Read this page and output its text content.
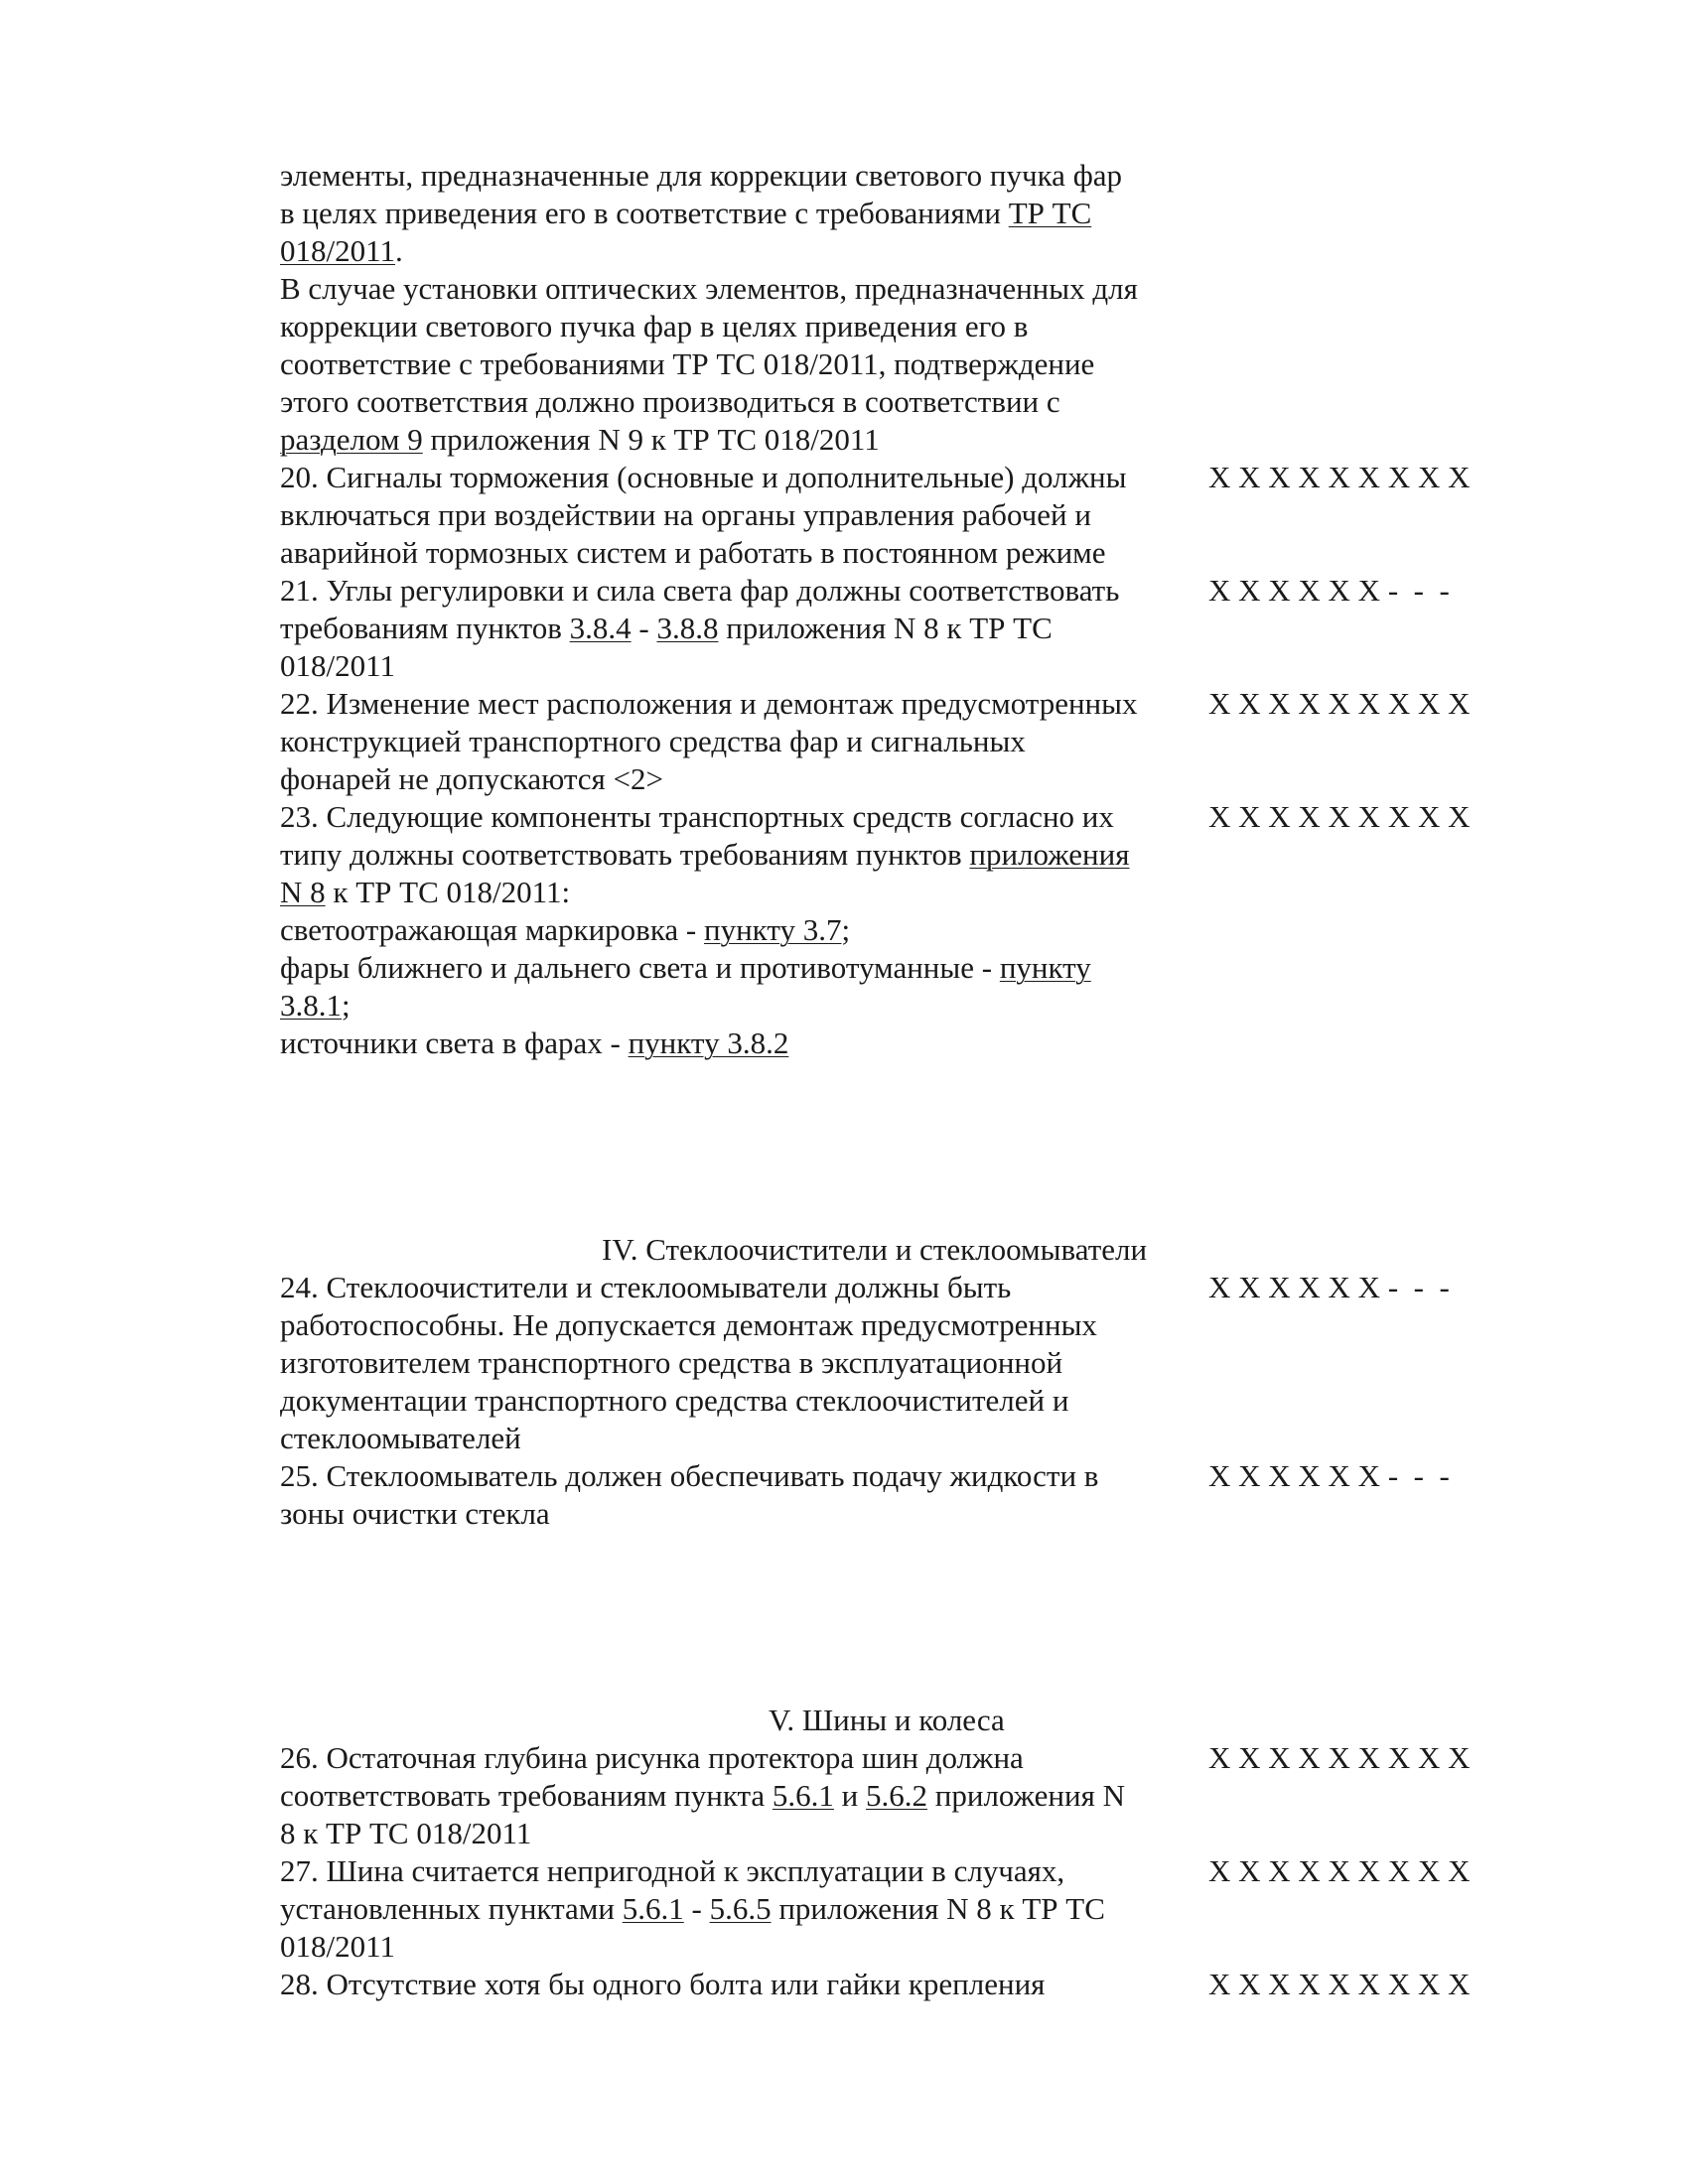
элементы, предназначенные для коррекции светового пучка фар
в целях приведения его в соответствие с требованиями ТР ТС
018/2011.
В случае установки оптических элементов, предназначенных для
коррекции светового пучка фар в целях приведения его в
соответствие с требованиями ТР ТС 018/2011, подтверждение
этого соответствия должно производиться в соответствии с
разделом 9 приложения N 9 к ТР ТС 018/2011
20. Сигналы торможения (основные и дополнительные) должны
включаться при воздействии на органы управления рабочей и
аварийной тормозных систем и работать в постоянном режиме
X X X X X X X X X
21. Углы регулировки и сила света фар должны соответствовать
требованиям пунктов 3.8.4 - 3.8.8 приложения N 8 к ТР ТС
018/2011
X X X X X X -  -  -
22. Изменение мест расположения и демонтаж предусмотренных
конструкцией транспортного средства фар и сигнальных
фонарей не допускаются <2>
X X X X X X X X X
23. Следующие компоненты транспортных средств согласно их
типу должны соответствовать требованиям пунктов приложения
N 8 к ТР ТС 018/2011:
светоотражающая маркировка - пункту 3.7;
фары ближнего и дальнего света и противотуманные - пункту
3.8.1;
источники света в фарах - пункту 3.8.2
X X X X X X X X X
IV. Стеклоочистители и стеклоомыватели
24. Стеклоочистители и стеклоомыватели должны быть
работоспособны. Не допускается демонтаж предусмотренных
изготовителем транспортного средства в эксплуатационной
документации транспортного средства стеклоочистителей и
стеклоомывателей
X X X X X X -  -  -
25. Стеклоомыватель должен обеспечивать подачу жидкости в
зоны очистки стекла
X X X X X X -  -  -
V. Шины и колеса
26. Остаточная глубина рисунка протектора шин должна
соответствовать требованиям пункта 5.6.1 и 5.6.2 приложения N
8 к ТР ТС 018/2011
X X X X X X X X X
27. Шина считается непригодной к эксплуатации в случаях,
установленных пунктами 5.6.1 - 5.6.5 приложения N 8 к ТР ТС
018/2011
X X X X X X X X X
28. Отсутствие хотя бы одного болта или гайки крепления	X X X X X X X X X
